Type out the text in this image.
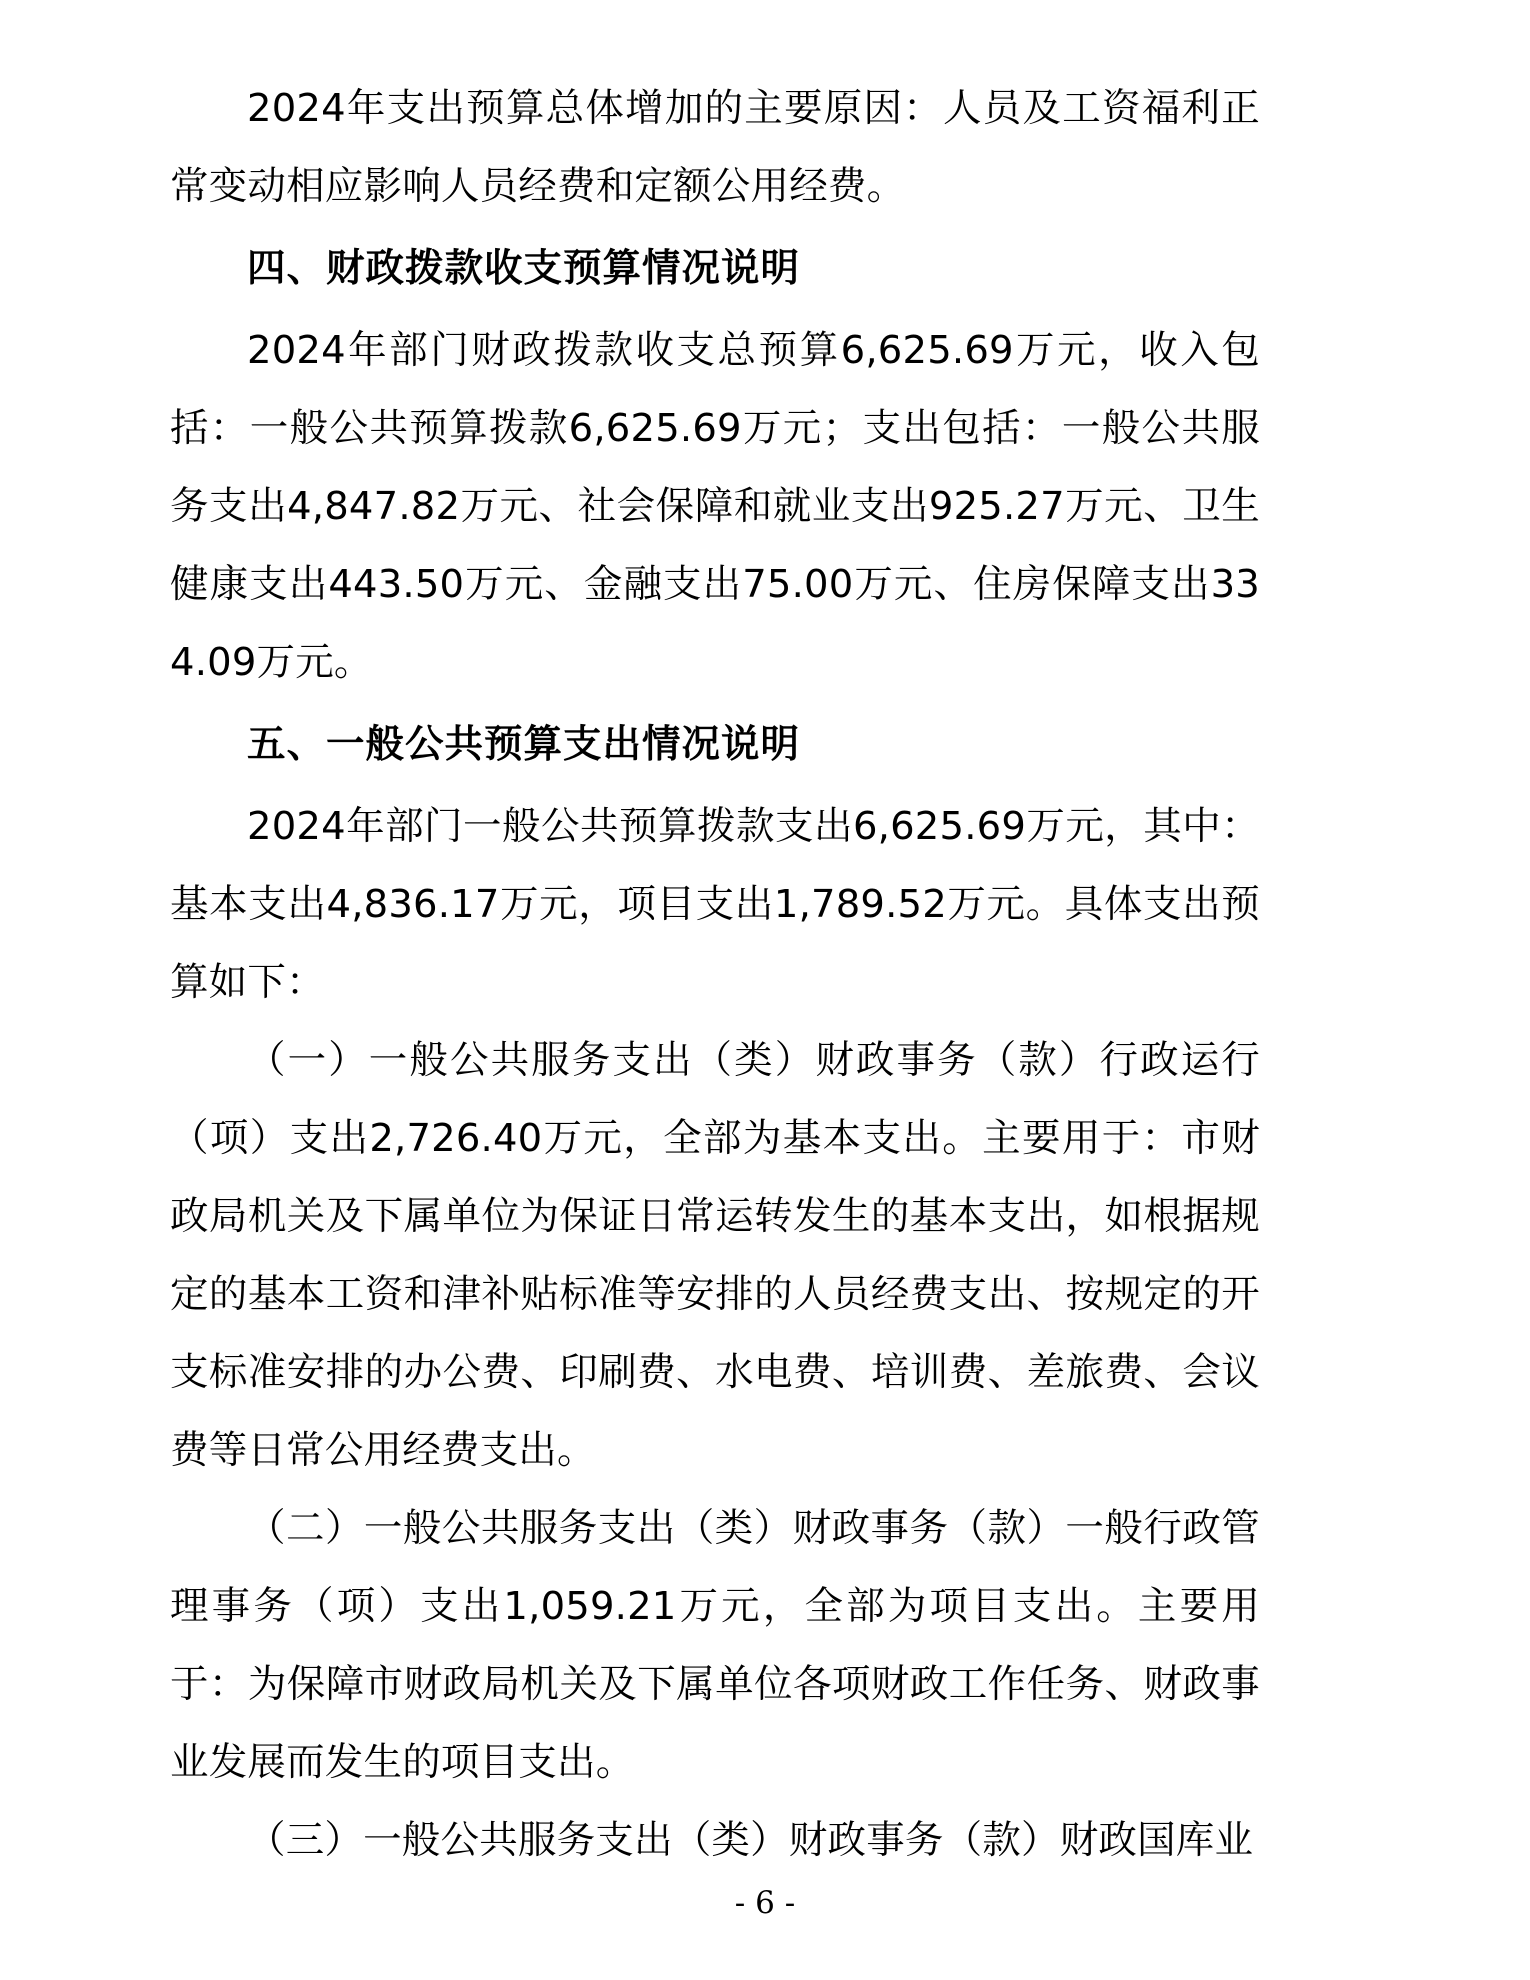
2024年支出预算总体增加的主要原因：人员及工资福利正常变动相应影响人员经费和定额公用经费。

四、财政拨款收支预算情况说明

2024年部门财政拨款收支总预算6,625.69万元，收入包括：一般公共预算拨款6,625.69万元；支出包括：一般公共服务支出4,847.82万元、社会保障和就业支出925.27万元、卫生健康支出443.50万元、金融支出75.00万元、住房保障支出334.09万元。

五、一般公共预算支出情况说明

2024年部门一般公共预算拨款支出6,625.69万元，其中：基本支出4,836.17万元，项目支出1,789.52万元。具体支出预算如下：

（一）一般公共服务支出（类）财政事务（款）行政运行（项）支出2,726.40万元，全部为基本支出。主要用于：市财政局机关及下属单位为保证日常运转发生的基本支出，如根据规定的基本工资和津补贴标准等安排的人员经费支出、按规定的开支标准安排的办公费、印刷费、水电费、培训费、差旅费、会议费等日常公用经费支出。

（二）一般公共服务支出（类）财政事务（款）一般行政管理事务（项）支出1,059.21万元，全部为项目支出。主要用于：为保障市财政局机关及下属单位各项财政工作任务、财政事业发展而发生的项目支出。

（三）一般公共服务支出（类）财政事务（款）财政国库业

- 6 -
